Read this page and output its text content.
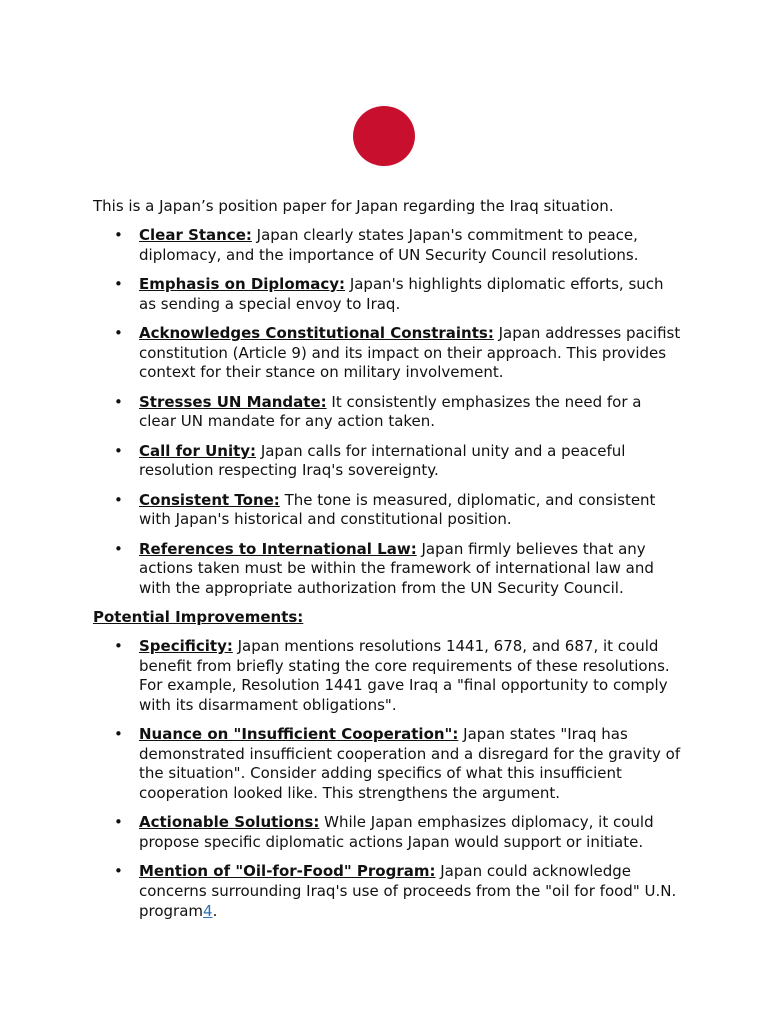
This is a Japan’s position paper for Japan regarding the Iraq situation.

• Clear Stance: Japan clearly states Japan's commitment to peace, diplomacy, and the importance of UN Security Council resolutions.
• Emphasis on Diplomacy: Japan's highlights diplomatic efforts, such as sending a special envoy to Iraq.
• Acknowledges Constitutional Constraints: Japan addresses pacifist constitution (Article 9) and its impact on their approach. This provides context for their stance on military involvement.
• Stresses UN Mandate: It consistently emphasizes the need for a clear UN mandate for any action taken.
• Call for Unity: Japan calls for international unity and a peaceful resolution respecting Iraq's sovereignty.
• Consistent Tone: The tone is measured, diplomatic, and consistent with Japan's historical and constitutional position.
• References to International Law: Japan firmly believes that any actions taken must be within the framework of international law and with the appropriate authorization from the UN Security Council.

Potential Improvements:

• Specificity: Japan mentions resolutions 1441, 678, and 687, it could benefit from briefly stating the core requirements of these resolutions. For example, Resolution 1441 gave Iraq a "final opportunity to comply with its disarmament obligations".
• Nuance on "Insufficient Cooperation": Japan states "Iraq has demonstrated insufficient cooperation and a disregard for the gravity of the situation". Consider adding specifics of what this insufficient cooperation looked like. This strengthens the argument.
• Actionable Solutions: While Japan emphasizes diplomacy, it could propose specific diplomatic actions Japan would support or initiate.
• Mention of "Oil-for-Food" Program: Japan could acknowledge concerns surrounding Iraq's use of proceeds from the "oil for food" U.N. program4.
